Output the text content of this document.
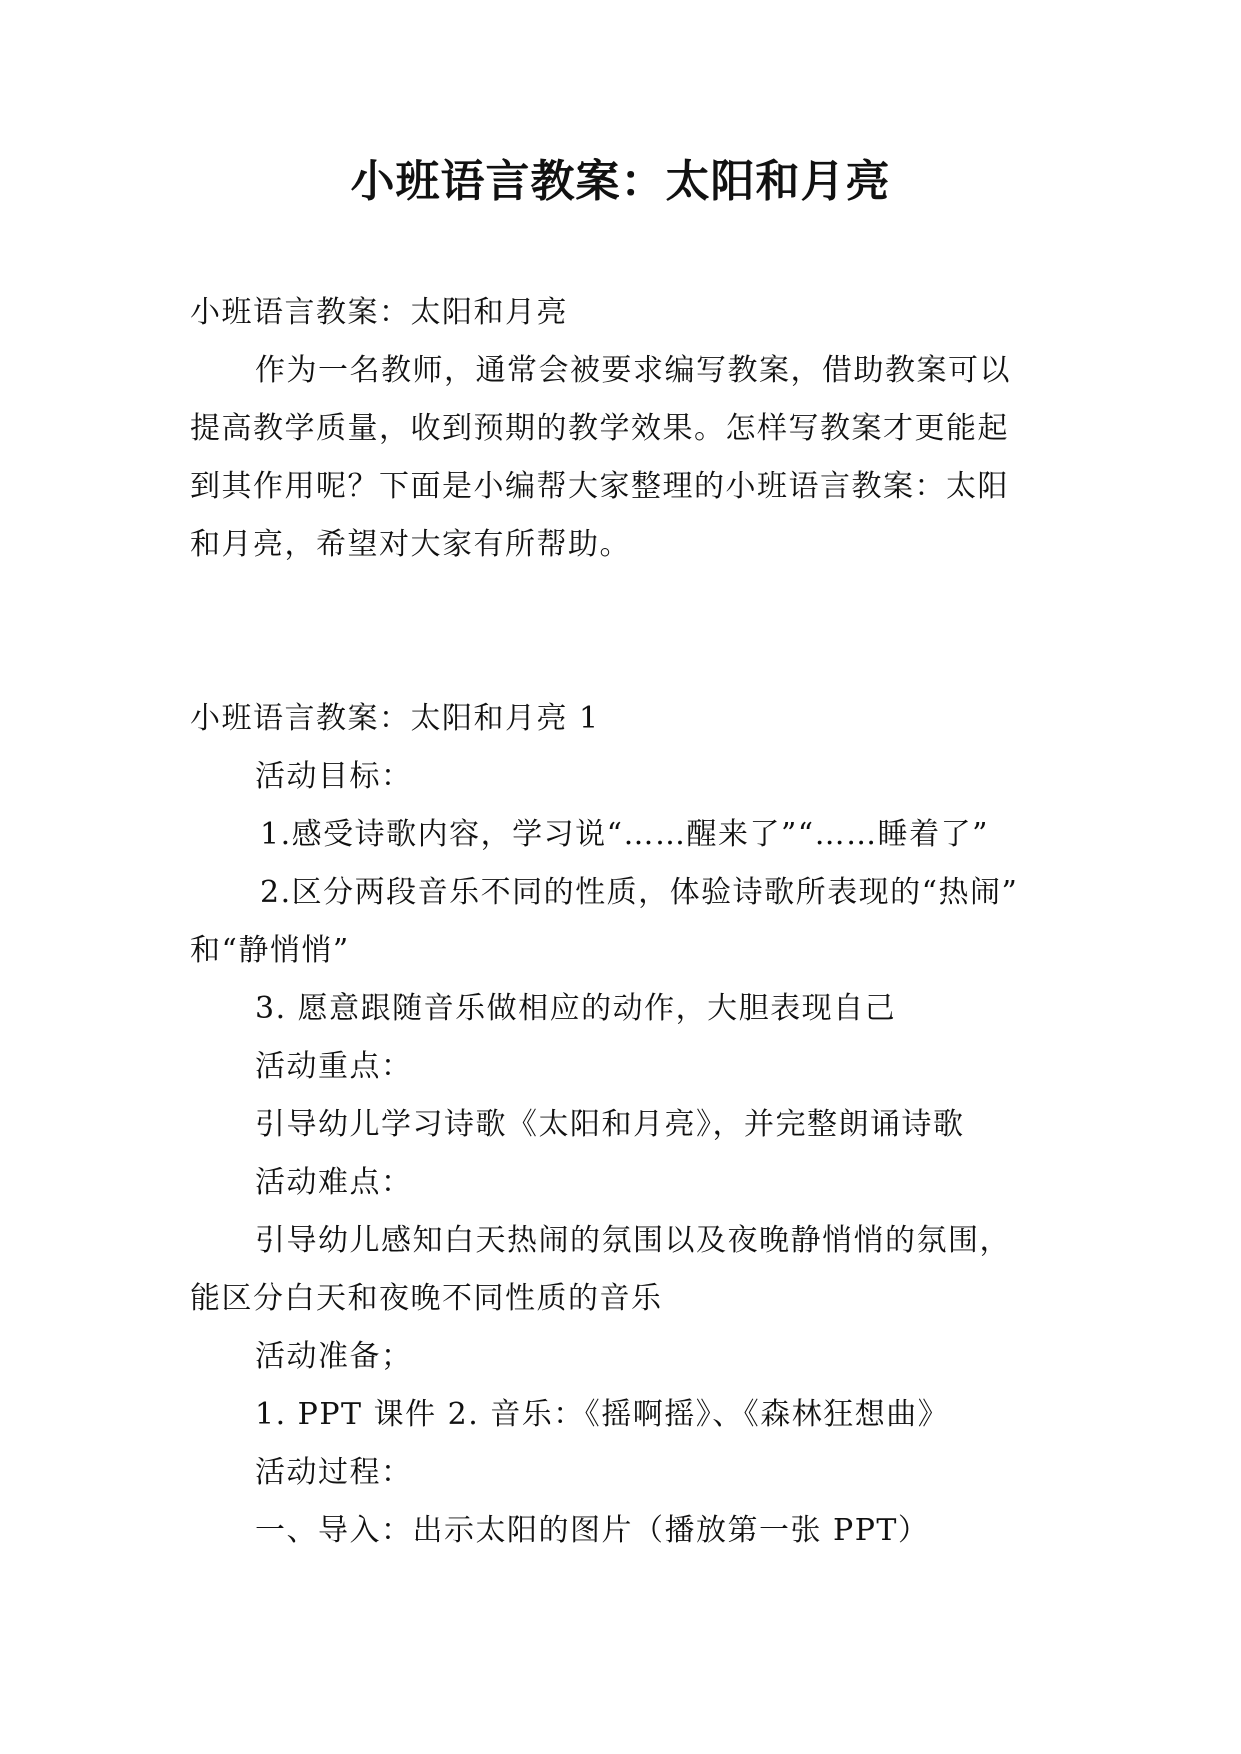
小班语言教案：太阳和月亮
小班语言教案：太阳和月亮
作为一名教师，通常会被要求编写教案，借助教案可以
提高教学质量，收到预期的教学效果。怎样写教案才更能起
到其作用呢？下面是小编帮大家整理的小班语言教案：太阳
和月亮，希望对大家有所帮助。
小班语言教案：太阳和月亮 1
活动目标：
1.感受诗歌内容，学习说“……醒来了”“……睡着了”
2.区分两段音乐不同的性质，体验诗歌所表现的“热闹”
和“静悄悄”
3. 愿意跟随音乐做相应的动作，大胆表现自己
活动重点：
引导幼儿学习诗歌《太阳和月亮》，并完整朗诵诗歌
活动难点：
引导幼儿感知白天热闹的氛围以及夜晚静悄悄的氛围，
能区分白天和夜晚不同性质的音乐
活动准备；
1. PPT 课件 2. 音乐：《摇啊摇》、《森林狂想曲》
活动过程：
一、导入：出示太阳的图片（播放第一张 PPT）
